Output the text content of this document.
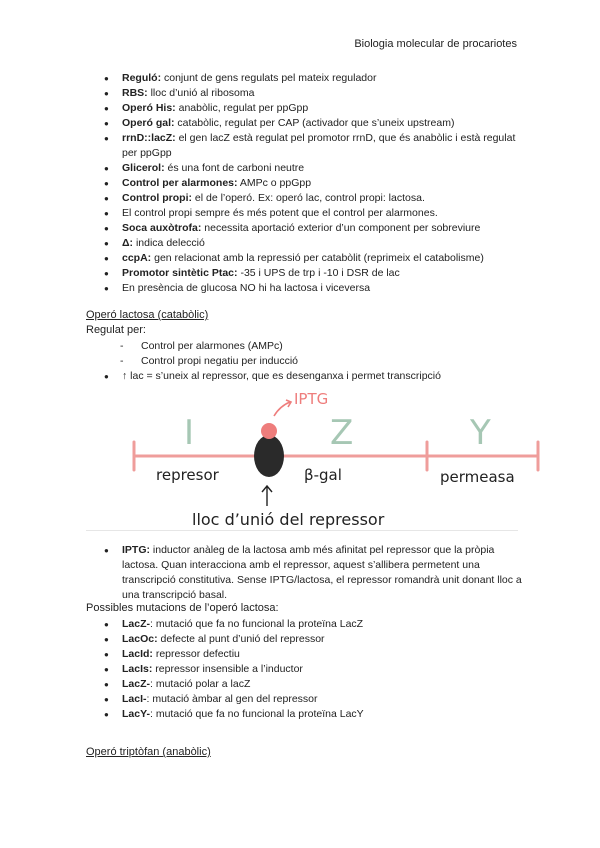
Biologia molecular de procariotes
● Reguló: conjunt de gens regulats pel mateix regulador
● RBS: lloc d’unió al ribosoma
● Operó His: anabòlic, regulat per ppGpp
● Operó gal: catabòlic, regulat per CAP (activador que s’uneix upstream)
● rrnD::lacZ: el gen lacZ està regulat pel promotor rrnD, que és anabòlic i està regulat per ppGpp
● Glicerol: és una font de carboni neutre
● Control per alarmones: AMPc o ppGpp
● Control propi: el de l’operó. Ex: operó lac, control propi: lactosa.
● El control propi sempre és més potent que el control per alarmones.
● Soca auxòtrofa: necessita aportació exterior d’un component per sobreviure
● Δ: indica delecció
● ccpA: gen relacionat amb la repressió per catabòlit (reprimeix el catabolisme)
● Promotor sintètic Ptac: -35 i UPS de trp i -10 i DSR de lac
● En presència de glucosa NO hi ha lactosa i viceversa
Operó lactosa (catabòlic)
Regulat per:
- Control per alarmones (AMPc)
- Control propi negatiu per inducció
● ↑ lac = s’uneix al repressor, que es desenganxa i permet transcripció
I	Z	Y
represor	β-gal	permeasa
IPTG
lloc d’unió del repressor
● IPTG: inductor anàleg de la lactosa amb més afinitat pel repressor que la pròpia lactosa. Quan interacciona amb el repressor, aquest s’allibera permetent una transcripció constitutiva. Sense IPTG/lactosa, el repressor romandrà unit donant lloc a una transcripció basal.
Possibles mutacions de l’operó lactosa:
● LacZ-: mutació que fa no funcional la proteïna LacZ
● LacOc: defecte al punt d’unió del repressor
● LacId: repressor defectiu
● LacIs: repressor insensible a l’inductor
● LacZ-: mutació polar a lacZ
● LacI-: mutació àmbar al gen del repressor
● LacY-: mutació que fa no funcional la proteïna LacY
Operó triptòfan (anabòlic)
